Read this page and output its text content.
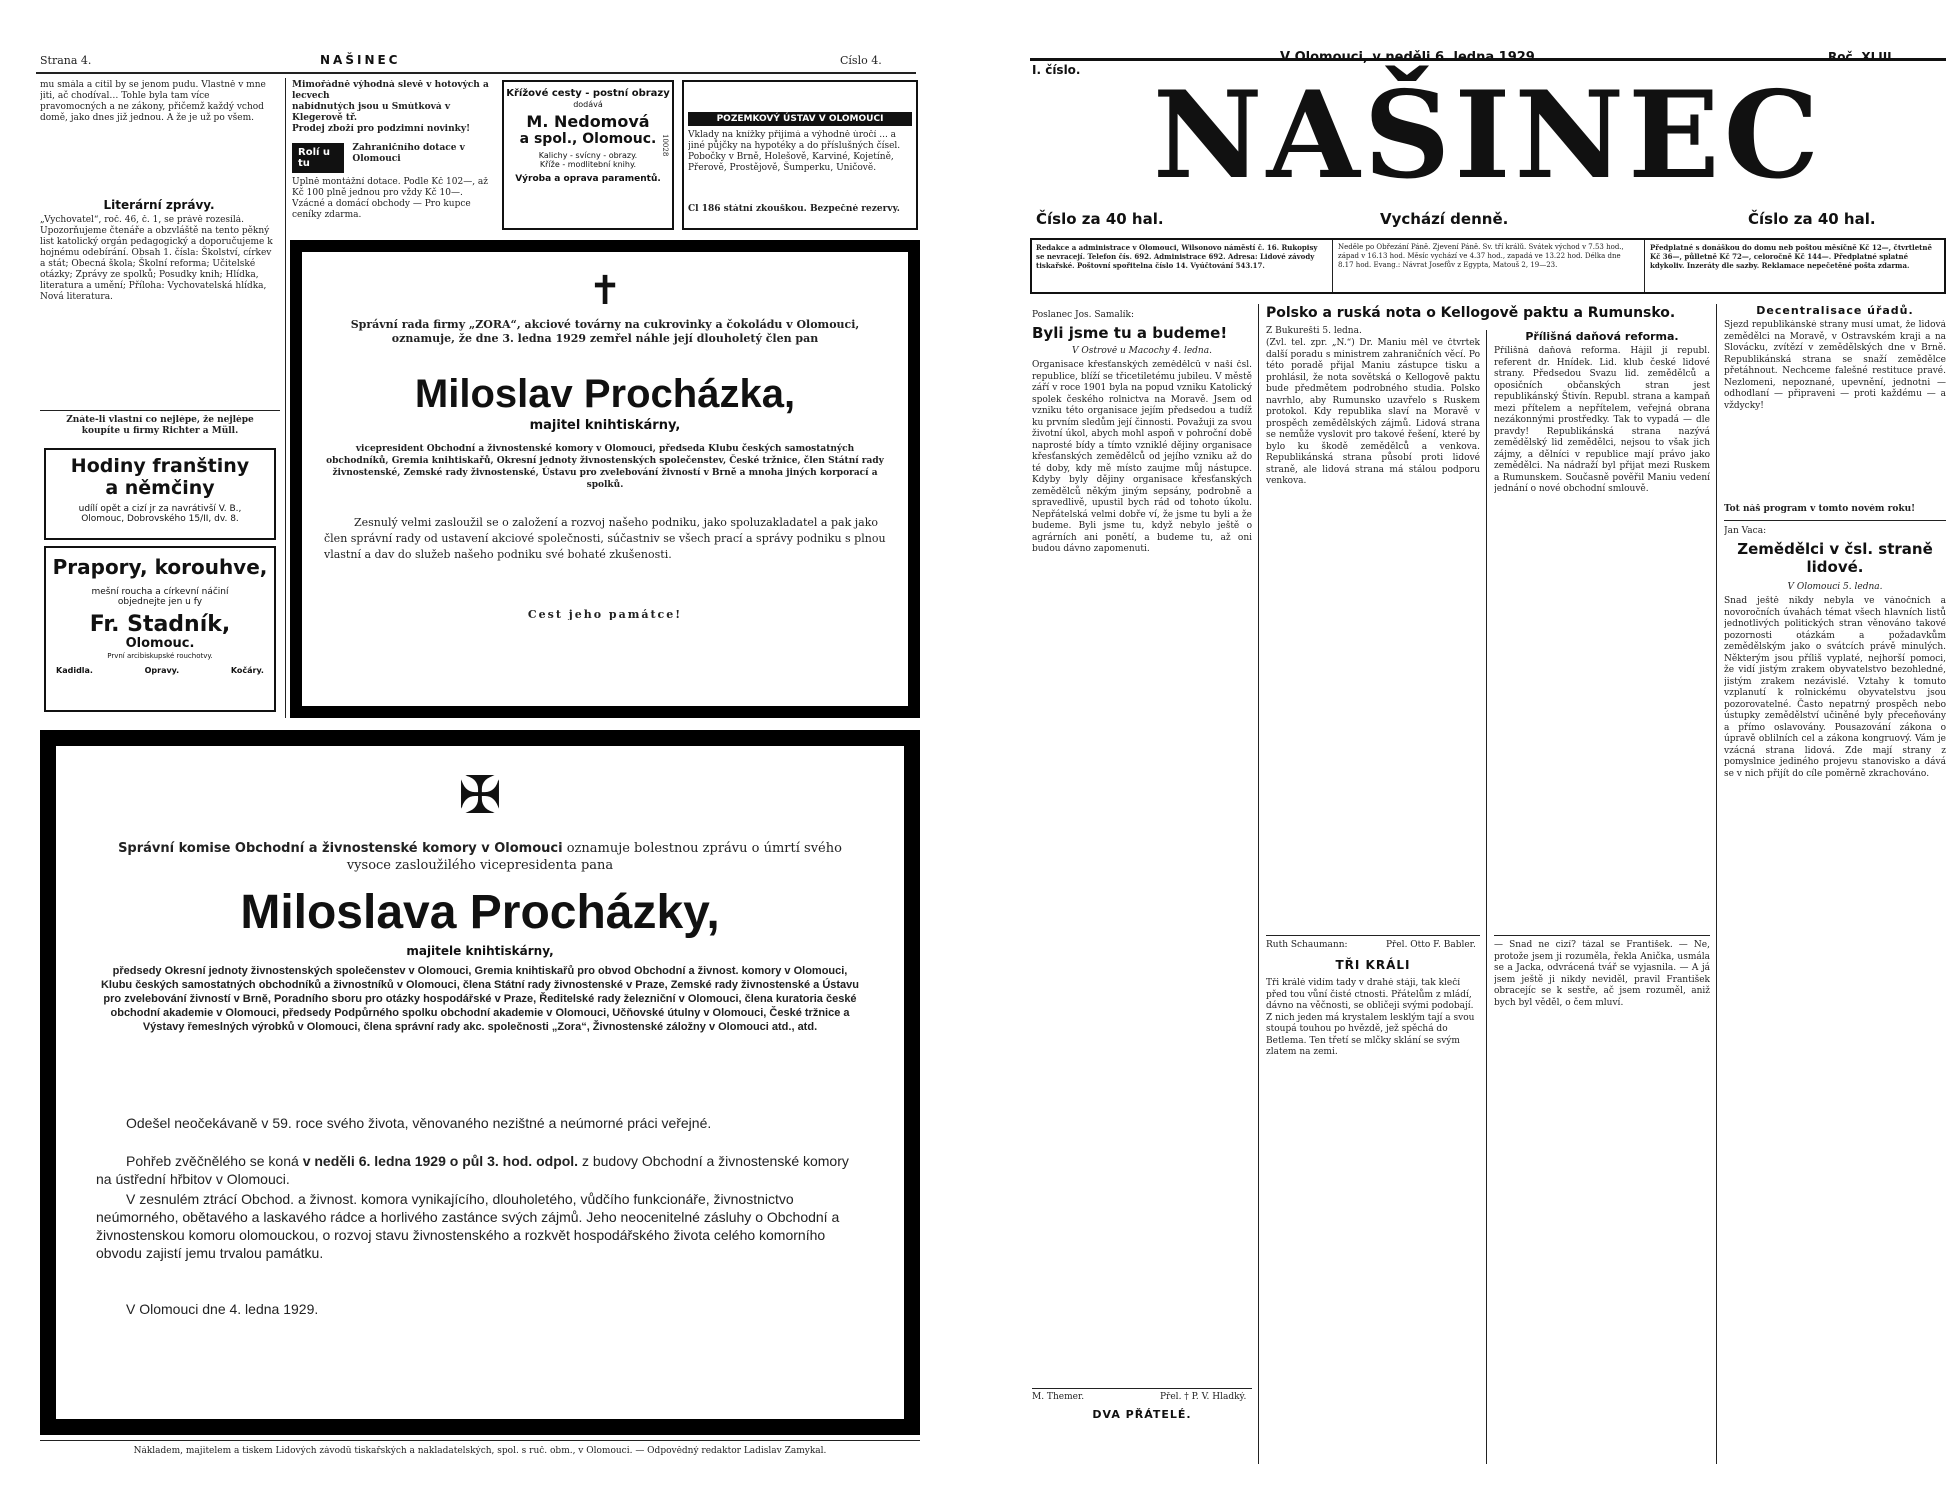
Strana 4.	NAŠINEC	Číslo 4.
mu smála a cítil by se jenom pudu. Vlastně v mne jiti, ač chodíval… Tohle byla tam více pravomocných a ne zákony, přičemž každý vchod domě, jako dnes již jednou. A že je už po všem.
Literární zprávy.
„Vychovatel“, roč. 46, č. 1, se právě rozesílá. Upozorňujeme čtenáře a obzvláště na tento pěkný list katolický orgán pedagogický a doporučujeme k hojnému odebírání. Obsah 1. čísla: Školství, církev a stát; Obecná škola; Školní reforma; Učitelské otázky; Zprávy ze spolků; Posudky knih; Hlídka, literatura a umění; Příloha: Vychovatelská hlídka, Nová literatura.
Znáte-li vlastní co nejlépe, že nejlépe koupíte u firmy Richter a Müll.
Hodiny franštiny
a němčiny
udílí opět a cizí jr za navrátivší V. B., Olomouc, Dobrovského 15/II, dv. 8.
Prapory, korouhve,
mešní roucha a církevní náčiní
objednejte jen u fy
Fr. Stadník,
Olomouc.
První arcibiskupské rouchotvy.
Kadidla.	Opravy.	Kočáry.
Mimořádně výhodná slevě v hotových a lecvech
nabídnutých jsou u Smútková v Klegerově tř.
Prodej zboží pro podzimní novinky!
Rolí u tu
Zahraničního dotace v Olomouci
Úplně montážní dotace. Podle Kč 102—, až Kč 100 plně jednou pro vždy Kč 10—. Vzácné a domácí obchody — Pro kupce ceníky zdarma.
Křížové cesty - postní obrazy
dodává
M. Nedomová
a spol., Olomouc.
Kalichy - svícny - obrazy.
Kříže - modlitební knihy.
Výroba a oprava paramentů.
10028
POZEMKOVÝ ÚSTAV V OLOMOUCI
Vklady na knížky přijímá a výhodně úročí ... a jiné půjčky na hypotéky a do příslušných čísel. Pobočky v Brně, Holešově, Karviné, Kojetíně, Přerově, Prostějově, Šumperku, Uničově.
Čl 186 státní zkouškou. Bezpečné rezervy.
✝
Správní rada firmy „ZORA“, akciové továrny na cukrovinky a čokoládu v Olomouci, oznamuje, že dne 3. ledna 1929 zemřel náhle její dlouholetý člen pan
Miloslav Procházka,
majitel knihtiskárny,
vicepresident Obchodní a živnostenské komory v Olomouci, předseda Klubu českých samostatných obchodníků, Gremia knihtiskařů, Okresní jednoty živnostenských společenstev, České tržnice, člen Státní rady živnostenské, Zemské rady živnostenské, Ústavu pro zvelebování živností v Brně a mnoha jiných korporací a spolků.
Zesnulý velmi zasloužil se o založení a rozvoj našeho podniku, jako spoluzakladatel a pak jako člen správní rady od ustavení akciové společnosti, súčastniv se všech prací a správy podniku s plnou vlastní a dav do služeb našeho podniku své bohaté zkušenosti.
Čest jeho památce!
✠
Správní komise Obchodní a živnostenské komory v Olomouci oznamuje bolestnou zprávu o úmrtí svého vysoce zasloužilého vicepresidenta pana
Miloslava Procházky,
majitele knihtiskárny,
předsedy Okresní jednoty živnostenských společenstev v Olomouci, Gremia knihtiskařů pro obvod Obchodní a živnost. komory v Olomouci, Klubu českých samostatných obchodníků a živnostníků v Olomouci, člena Státní rady živnostenské v Praze, Zemské rady živnostenské a Ústavu pro zvelebování živností v Brně, Poradního sboru pro otázky hospodářské v Praze, Ředitelské rady železniční v Olomouci, člena kuratoria české obchodní akademie v Olomouci, předsedy Podpůrného spolku obchodní akademie v Olomouci, Učňovské útulny v Olomouci, České tržnice a Výstavy řemeslných výrobků v Olomouci, člena správní rady akc. společnosti „Zora“, Živnostenské záložny v Olomouci atd., atd.
Odešel neočekávaně v 59. roce svého života, věnovaného nezištné a neúmorné práci veřejné.
Pohřeb zvěčnělého se koná v neděli 6. ledna 1929 o půl 3. hod. odpol. z budovy Obchodní a živnostenské komory na ústřední hřbitov v Olomouci.
V zesnulém ztrácí Obchod. a živnost. komora vynikajícího, dlouholetého, vůdčího funkcionáře, živnostnictvo neúmorného, obětavého a laskavého rádce a horlivého zastánce svých zájmů. Jeho neocenitelné zásluhy o Obchodní a živnostenskou komoru olomouckou, o rozvoj stavu živnostenského a rozkvět hospodářského života celého komorního obvodu zajistí jemu trvalou památku.
V Olomouci dne 4. ledna 1929.
Nákladem, majitelem a tiskem Lidových závodů tiskařských a nakladatelských, spol. s ruč. obm., v Olomouci. — Odpovědný redaktor Ladislav Zamykal.
I. číslo.
V Olomouci, v neděli 6. ledna 1929.	Roč. XLIII.
NAŠINEC
Číslo za 40 hal.	Vychází denně.	Číslo za 40 hal.
Redakce a administrace v Olomouci, Wilsonovo náměstí č. 16. Rukopisy se nevracejí. Telefon čís. 692. Administrace 692. Adresa: Lidové závody tiskařské. Poštovní spořitelna číslo 14. Vyúčtování 543.17.
Neděle po Obřezání Páně. Zjevení Páně. Sv. tří králů. Svátek východ v 7.53 hod., západ v 16.13 hod. Měsíc vychází ve 4.37 hod., zapadá ve 13.22 hod. Délka dne 8.17 hod. Evang.: Návrat Josefův z Egypta, Matouš 2, 19—23.
Předplatné s donáškou do domu neb poštou měsíčně Kč 12—, čtvrtletně Kč 36—, půlletně Kč 72—, celoročně Kč 144—. Předplatné splatné kdykoliv. Inzeráty dle sazby. Reklamace nepečetěné pošta zdarma.
Poslanec Jos. Šamalík:
Byli jsme tu a budeme!
V Ostrově u Macochy 4. ledna.
Organisace křesťanských zemědělců v naší čsl. republice, blíží se třicetiletému jubileu. V městě září v roce 1901 byla na popud vzniku Katolický spolek českého rolnictva na Moravě. Jsem od vzniku této organisace jejím předsedou a tudíž ku prvním sledům její činnosti. Považuji za svou životní úkol, abych mohl aspoň v pohroční době naprosté bídy a tímto vzniklé dějiny organisace křesťanských zemědělců od jejího vzniku až do té doby, kdy mě místo zaujme můj nástupce. Kdyby byly dějiny organisace křesťanských zemědělců někým jiným sepsány, podrobně a spravedlivě, upustil bych rád od tohoto úkolu. Nepřátelská velmi dobře ví, že jsme tu byli a že budeme. Byli jsme tu, když nebylo ještě o agrárních ani ponětí, a budeme tu, až oni budou dávno zapomenuti.
M. Themer.	Přel. † P. V. Hladký.
DVA PŘÁTELÉ.
Polsko a ruská nota o Kellogově paktu a Rumunsko.
Z Bukurešti 5. ledna.
(Zvl. tel. zpr. „N.“) Dr. Maniu měl ve čtvrtek další poradu s ministrem zahraničních věcí. Po této poradě přijal Maniu zástupce tisku a prohlásil, že nota sovětská o Kellogově paktu bude předmětem podrobného studia. Polsko navrhlo, aby Rumunsko uzavřelo s Ruskem protokol. Kdy republika slaví na Moravě v prospěch zemědělských zájmů. Lidová strana se nemůže vyslovit pro takové řešení, které by bylo ku škodě zemědělců a venkova. Republikánská strana působí proti lidové straně, ale lidová strana má stálou podporu venkova.
Ruth Schaumann:	Přel. Otto F. Babler.
TŘI KRÁLI
Tři králé vidím tady v drahé stáji, tak klečí před tou vůní čisté ctnosti. Přátelům z mládí, dávno na věčnosti, se obličeji svými podobají. Z nich jeden má krystalem lesklým tají a svou stoupá touhou po hvězdě, jež spěchá do Betlema. Ten třetí se mlčky sklání se svým zlatem na zemi.
Přílišná daňová reforma.
Přílišná daňová reforma. Hájil jí republ. referent dr. Hnídek. Lid. klub české lidové strany. Předsedou Svazu lid. zemědělců a oposičních občanských stran jest republikánský Štivín. Republ. strana a kampaň mezi přítelem a nepřítelem, veřejná obrana nezákonnými prostředky. Tak to vypadá — dle pravdy! Republikánská strana nazývá zemědělský lid zemědělci, nejsou to však jich zájmy, a dělníci v republice mají právo jako zemědělci. Na nádraží byl přijat mezi Ruskem a Rumunskem. Současně pověřil Maniu vedení jednání o nové obchodní smlouvě.
— Snad ne cizí? tázal se František. — Ne, protože jsem ji rozuměla, řekla Anička, usmála se a Jacka, odvrácená tvář se vyjasnila. — A já jsem ještě ji nikdy neviděl, pravil František obracejíc se k sestře, ač jsem rozuměl, aniž bych byl věděl, o čem mluví.
Decentralisace úřadů.
Sjezd republikánské strany musí umat, že lidová zemědělci na Moravě, v Ostravském kraji a na Slovácku, zvítězí v zemědělských dne v Brně. Republikánská strana se snaží zemědělce přetáhnout. Nechceme falešné restituce pravé. Nezlomeni, nepoznané, upevnění, jednotni — odhodlaní — připraveni — proti každému — a vždycky!
Tot náš program v tomto novém roku!
Jan Vaca:
Zemědělci v čsl. straně lidové.
V Olomouci 5. ledna.
Snad ještě nikdy nebyla ve vánočních a novoročních úvahách témat všech hlavních listů jednotlivých politických stran věnováno takové pozornosti otázkám a požadavkům zemědělským jako o svátcích právě minulých. Některým jsou příliš vyplaté, nejhorší pomoci, že vidí jistým zrakem obyvatelstvo bezohledné, jistým zrakem nezávislé. Vztahy k tomuto vzplanutí k rolnickému obyvatelstvu jsou pozorovatelné. Často nepatrný prospěch nebo ústupky zemědělství učiněné byly přeceňovány a přímo oslavovány. Pousazování zákona o úpravě oblilních cel a zákona kongruový. Vám je vzácná strana lidová. Zde mají strany z pomyslnice jediného projevu stanovisko a dává se v nich přijít do cíle poměrně zkrachováno.
